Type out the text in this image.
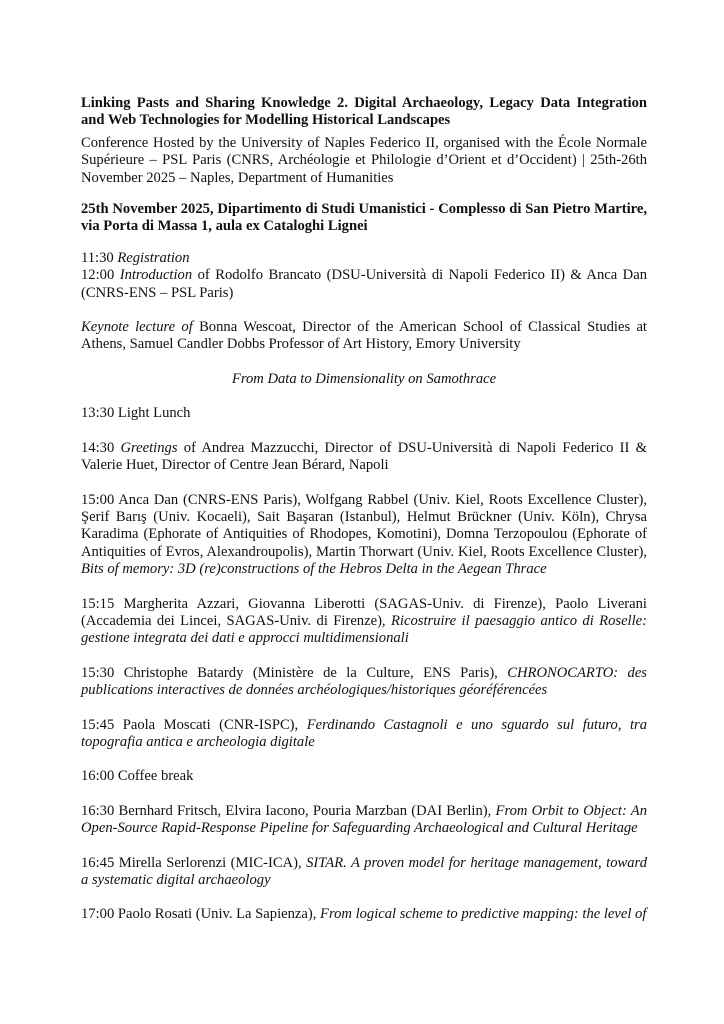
Linking Pasts and Sharing Knowledge 2. Digital Archaeology, Legacy Data Integration and Web Technologies for Modelling Historical Landscapes

Conference Hosted by the University of Naples Federico II, organised with the École Normale Supérieure – PSL Paris (CNRS, Archéologie et Philologie d’Orient et d’Occident) | 25th-26th November 2025 – Naples, Department of Humanities

25th November 2025, Dipartimento di Studi Umanistici - Complesso di San Pietro Martire, via Porta di Massa 1, aula ex Cataloghi Lignei

11:30 Registration

12:00 Introduction of Rodolfo Brancato (DSU-Università di Napoli Federico II) & Anca Dan (CNRS-ENS – PSL Paris)

Keynote lecture of Bonna Wescoat, Director of the American School of Classical Studies at Athens, Samuel Candler Dobbs Professor of Art History, Emory University

From Data to Dimensionality on Samothrace

13:30 Light Lunch

14:30 Greetings of Andrea Mazzucchi, Director of DSU-Università di Napoli Federico II & Valerie Huet, Director of Centre Jean Bérard, Napoli

15:00 Anca Dan (CNRS-ENS Paris), Wolfgang Rabbel (Univ. Kiel, Roots Excellence Cluster), Şerif Barış (Univ. Kocaeli), Sait Başaran (Istanbul), Helmut Brückner (Univ. Köln), Chrysa Karadima (Ephorate of Antiquities of Rhodopes, Komotini), Domna Terzopoulou (Ephorate of Antiquities of Evros, Alexandroupolis), Martin Thorwart (Univ. Kiel, Roots Excellence Cluster), Bits of memory: 3D (re)constructions of the Hebros Delta in the Aegean Thrace

15:15 Margherita Azzari, Giovanna Liberotti (SAGAS-Univ. di Firenze), Paolo Liverani (Accademia dei Lincei, SAGAS-Univ. di Firenze), Ricostruire il paesaggio antico di Roselle: gestione integrata dei dati e approcci multidimensionali

15:30 Christophe Batardy (Ministère de la Culture, ENS Paris), CHRONOCARTO: des publications interactives de données archéologiques/historiques géoréférencées

15:45 Paola Moscati (CNR-ISPC), Ferdinando Castagnoli e uno sguardo sul futuro, tra topografia antica e archeologia digitale

16:00 Coffee break

16:30 Bernhard Fritsch, Elvira Iacono, Pouria Marzban (DAI Berlin), From Orbit to Object: An Open-Source Rapid-Response Pipeline for Safeguarding Archaeological and Cultural Heritage

16:45 Mirella Serlorenzi (MIC-ICA), SITAR. A proven model for heritage management, toward a systematic digital archaeology

17:00 Paolo Rosati (Univ. La Sapienza), From logical scheme to predictive mapping: the level of
